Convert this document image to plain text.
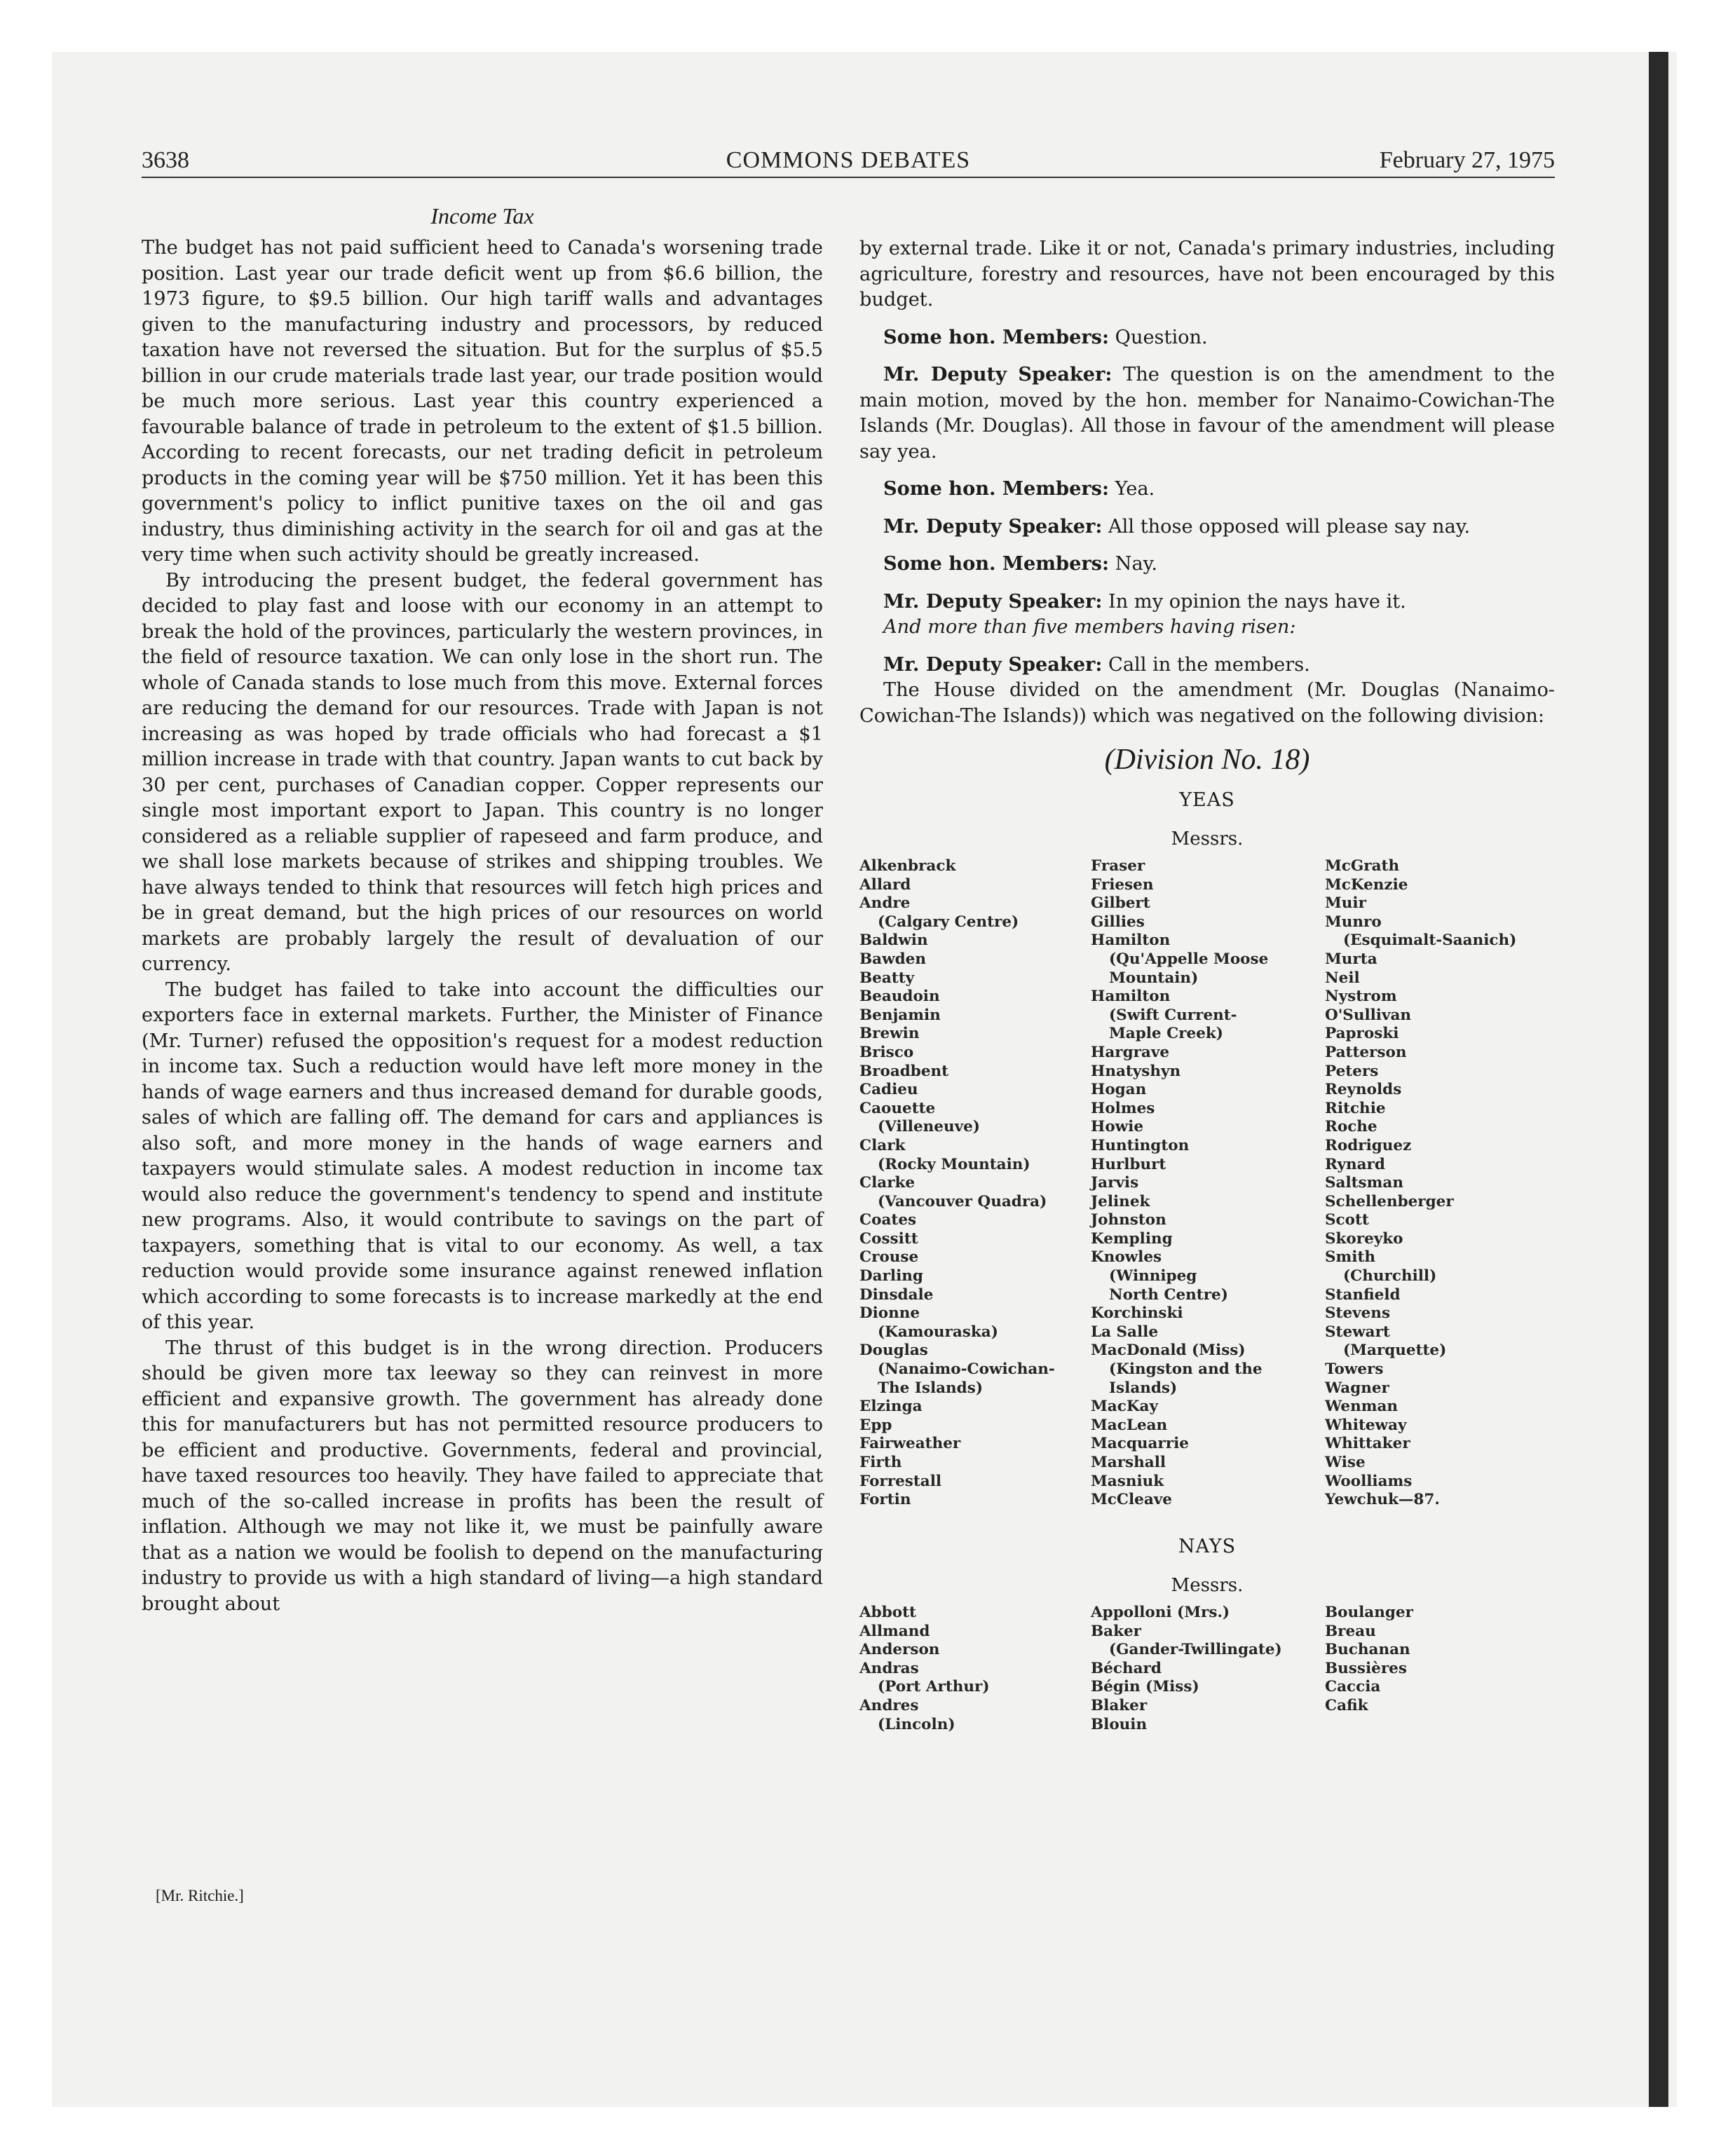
3638	COMMONS DEBATES	February 27, 1975
Income Tax

The budget has not paid sufficient heed to Canada's worsening trade position. Last year our trade deficit went up from $6.6 billion, the 1973 figure, to $9.5 billion. Our high tariff walls and advantages given to the manufacturing industry and processors, by reduced taxation have not reversed the situation. But for the surplus of $5.5 billion in our crude materials trade last year, our trade position would be much more serious. Last year this country experienced a favourable balance of trade in petroleum to the extent of $1.5 billion. According to recent forecasts, our net trading deficit in petroleum products in the coming year will be $750 million. Yet it has been this government's policy to inflict punitive taxes on the oil and gas industry, thus diminishing activity in the search for oil and gas at the very time when such activity should be greatly increased.

By introducing the present budget, the federal government has decided to play fast and loose with our economy in an attempt to break the hold of the provinces, particularly the western provinces, in the field of resource taxation. We can only lose in the short run. The whole of Canada stands to lose much from this move. External forces are reducing the demand for our resources. Trade with Japan is not increasing as was hoped by trade officials who had forecast a $1 million increase in trade with that country. Japan wants to cut back by 30 per cent, purchases of Canadian copper. Copper represents our single most important export to Japan. This country is no longer considered as a reliable supplier of rapeseed and farm produce, and we shall lose markets because of strikes and shipping troubles. We have always tended to think that resources will fetch high prices and be in great demand, but the high prices of our resources on world markets are probably largely the result of devaluation of our currency.

The budget has failed to take into account the difficulties our exporters face in external markets. Further, the Minister of Finance (Mr. Turner) refused the opposition's request for a modest reduction in income tax. Such a reduction would have left more money in the hands of wage earners and thus increased demand for durable goods, sales of which are falling off. The demand for cars and appliances is also soft, and more money in the hands of wage earners and taxpayers would stimulate sales. A modest reduction in income tax would also reduce the government's tendency to spend and institute new programs. Also, it would contribute to savings on the part of taxpayers, something that is vital to our economy. As well, a tax reduction would provide some insurance against renewed inflation which according to some forecasts is to increase markedly at the end of this year.

The thrust of this budget is in the wrong direction. Producers should be given more tax leeway so they can reinvest in more efficient and expansive growth. The government has already done this for manufacturers but has not permitted resource producers to be efficient and productive. Governments, federal and provincial, have taxed resources too heavily. They have failed to appreciate that much of the so-called increase in profits has been the result of inflation. Although we may not like it, we must be painfully aware that as a nation we would be foolish to depend on the manufacturing industry to provide us with a high standard of living—a high standard brought about

[Mr. Ritchie.]

by external trade. Like it or not, Canada's primary industries, including agriculture, forestry and resources, have not been encouraged by this budget.

Some hon. Members: Question.

Mr. Deputy Speaker: The question is on the amendment to the main motion, moved by the hon. member for Nanaimo-Cowichan-The Islands (Mr. Douglas). All those in favour of the amendment will please say yea.

Some hon. Members: Yea.

Mr. Deputy Speaker: All those opposed will please say nay.

Some hon. Members: Nay.

Mr. Deputy Speaker: In my opinion the nays have it.

And more than five members having risen:

Mr. Deputy Speaker: Call in the members.

The House divided on the amendment (Mr. Douglas (Nanaimo-Cowichan-The Islands)) which was negatived on the following division:

(Division No. 18)
YEAS
Messrs.
Alkenbrack
Allard
Andre
(Calgary Centre)
Baldwin
Bawden
Beatty
Beaudoin
Benjamin
Brewin
Brisco
Broadbent
Cadieu
Caouette
(Villeneuve)
Clark
(Rocky Mountain)
Clarke
(Vancouver Quadra)
Coates
Cossitt
Crouse
Darling
Dinsdale
Dionne
(Kamouraska)
Douglas
(Nanaimo-Cowichan-
The Islands)
Elzinga
Epp
Fairweather
Firth
Forrestall
Fortin
Fraser
Friesen
Gilbert
Gillies
Hamilton
(Qu'Appelle Moose
Mountain)
Hamilton
(Swift Current-
Maple Creek)
Hargrave
Hnatyshyn
Hogan
Holmes
Howie
Huntington
Hurlburt
Jarvis
Jelinek
Johnston
Kempling
Knowles
(Winnipeg
North Centre)
Korchinski
La Salle
MacDonald (Miss)
(Kingston and the
Islands)
MacKay
MacLean
Macquarrie
Marshall
Masniuk
McCleave
McGrath
McKenzie
Muir
Munro
(Esquimalt-Saanich)
Murta
Neil
Nystrom
O'Sullivan
Paproski
Patterson
Peters
Reynolds
Ritchie
Roche
Rodriguez
Rynard
Saltsman
Schellenberger
Scott
Skoreyko
Smith
(Churchill)
Stanfield
Stevens
Stewart
(Marquette)
Towers
Wagner
Wenman
Whiteway
Whittaker
Wise
Woolliams
Yewchuk—87.
NAYS
Messrs.
Abbott
Allmand
Anderson
Andras
(Port Arthur)
Andres
(Lincoln)
Appolloni (Mrs.)
Baker
(Gander-Twillingate)
Béchard
Bégin (Miss)
Blaker
Blouin
Boulanger
Breau
Buchanan
Bussières
Caccia
Cafik
